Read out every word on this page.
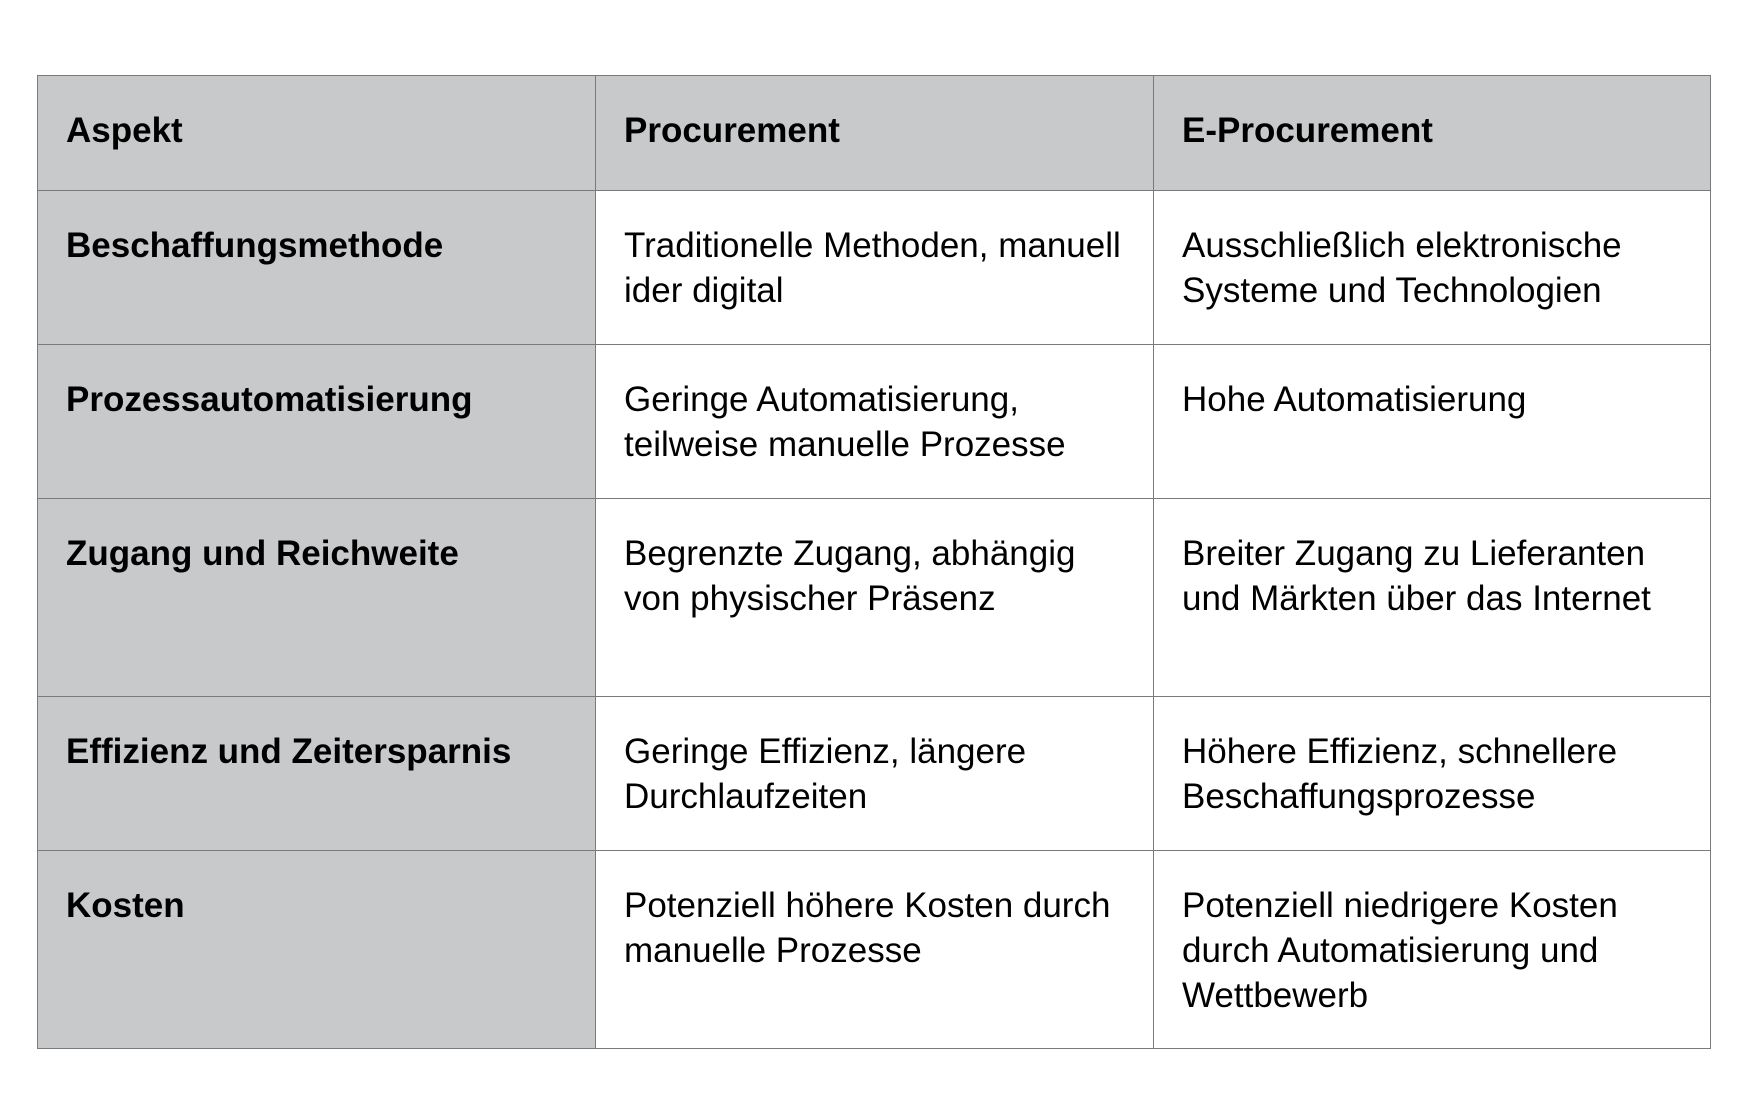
Aspekt	Procurement	E-Procurement
Beschaffungsmethode	Traditionelle Methoden, manuell ider digital	Ausschließlich elektronische Systeme und Technologien
Prozessautomatisierung	Geringe Automatisierung, teilweise manuelle Prozesse	Hohe Automatisierung
Zugang und Reichweite	Begrenzte Zugang, abhängig von physischer Präsenz	Breiter Zugang zu Lieferanten und Märkten über das Internet
Effizienz und Zeitersparnis	Geringe Effizienz, längere Durchlaufzeiten	Höhere Effizienz, schnellere Beschaffungsprozesse
Kosten	Potenziell höhere Kosten durch manuelle Prozesse	Potenziell niedrigere Kosten durch Automatisierung und Wettbewerb
